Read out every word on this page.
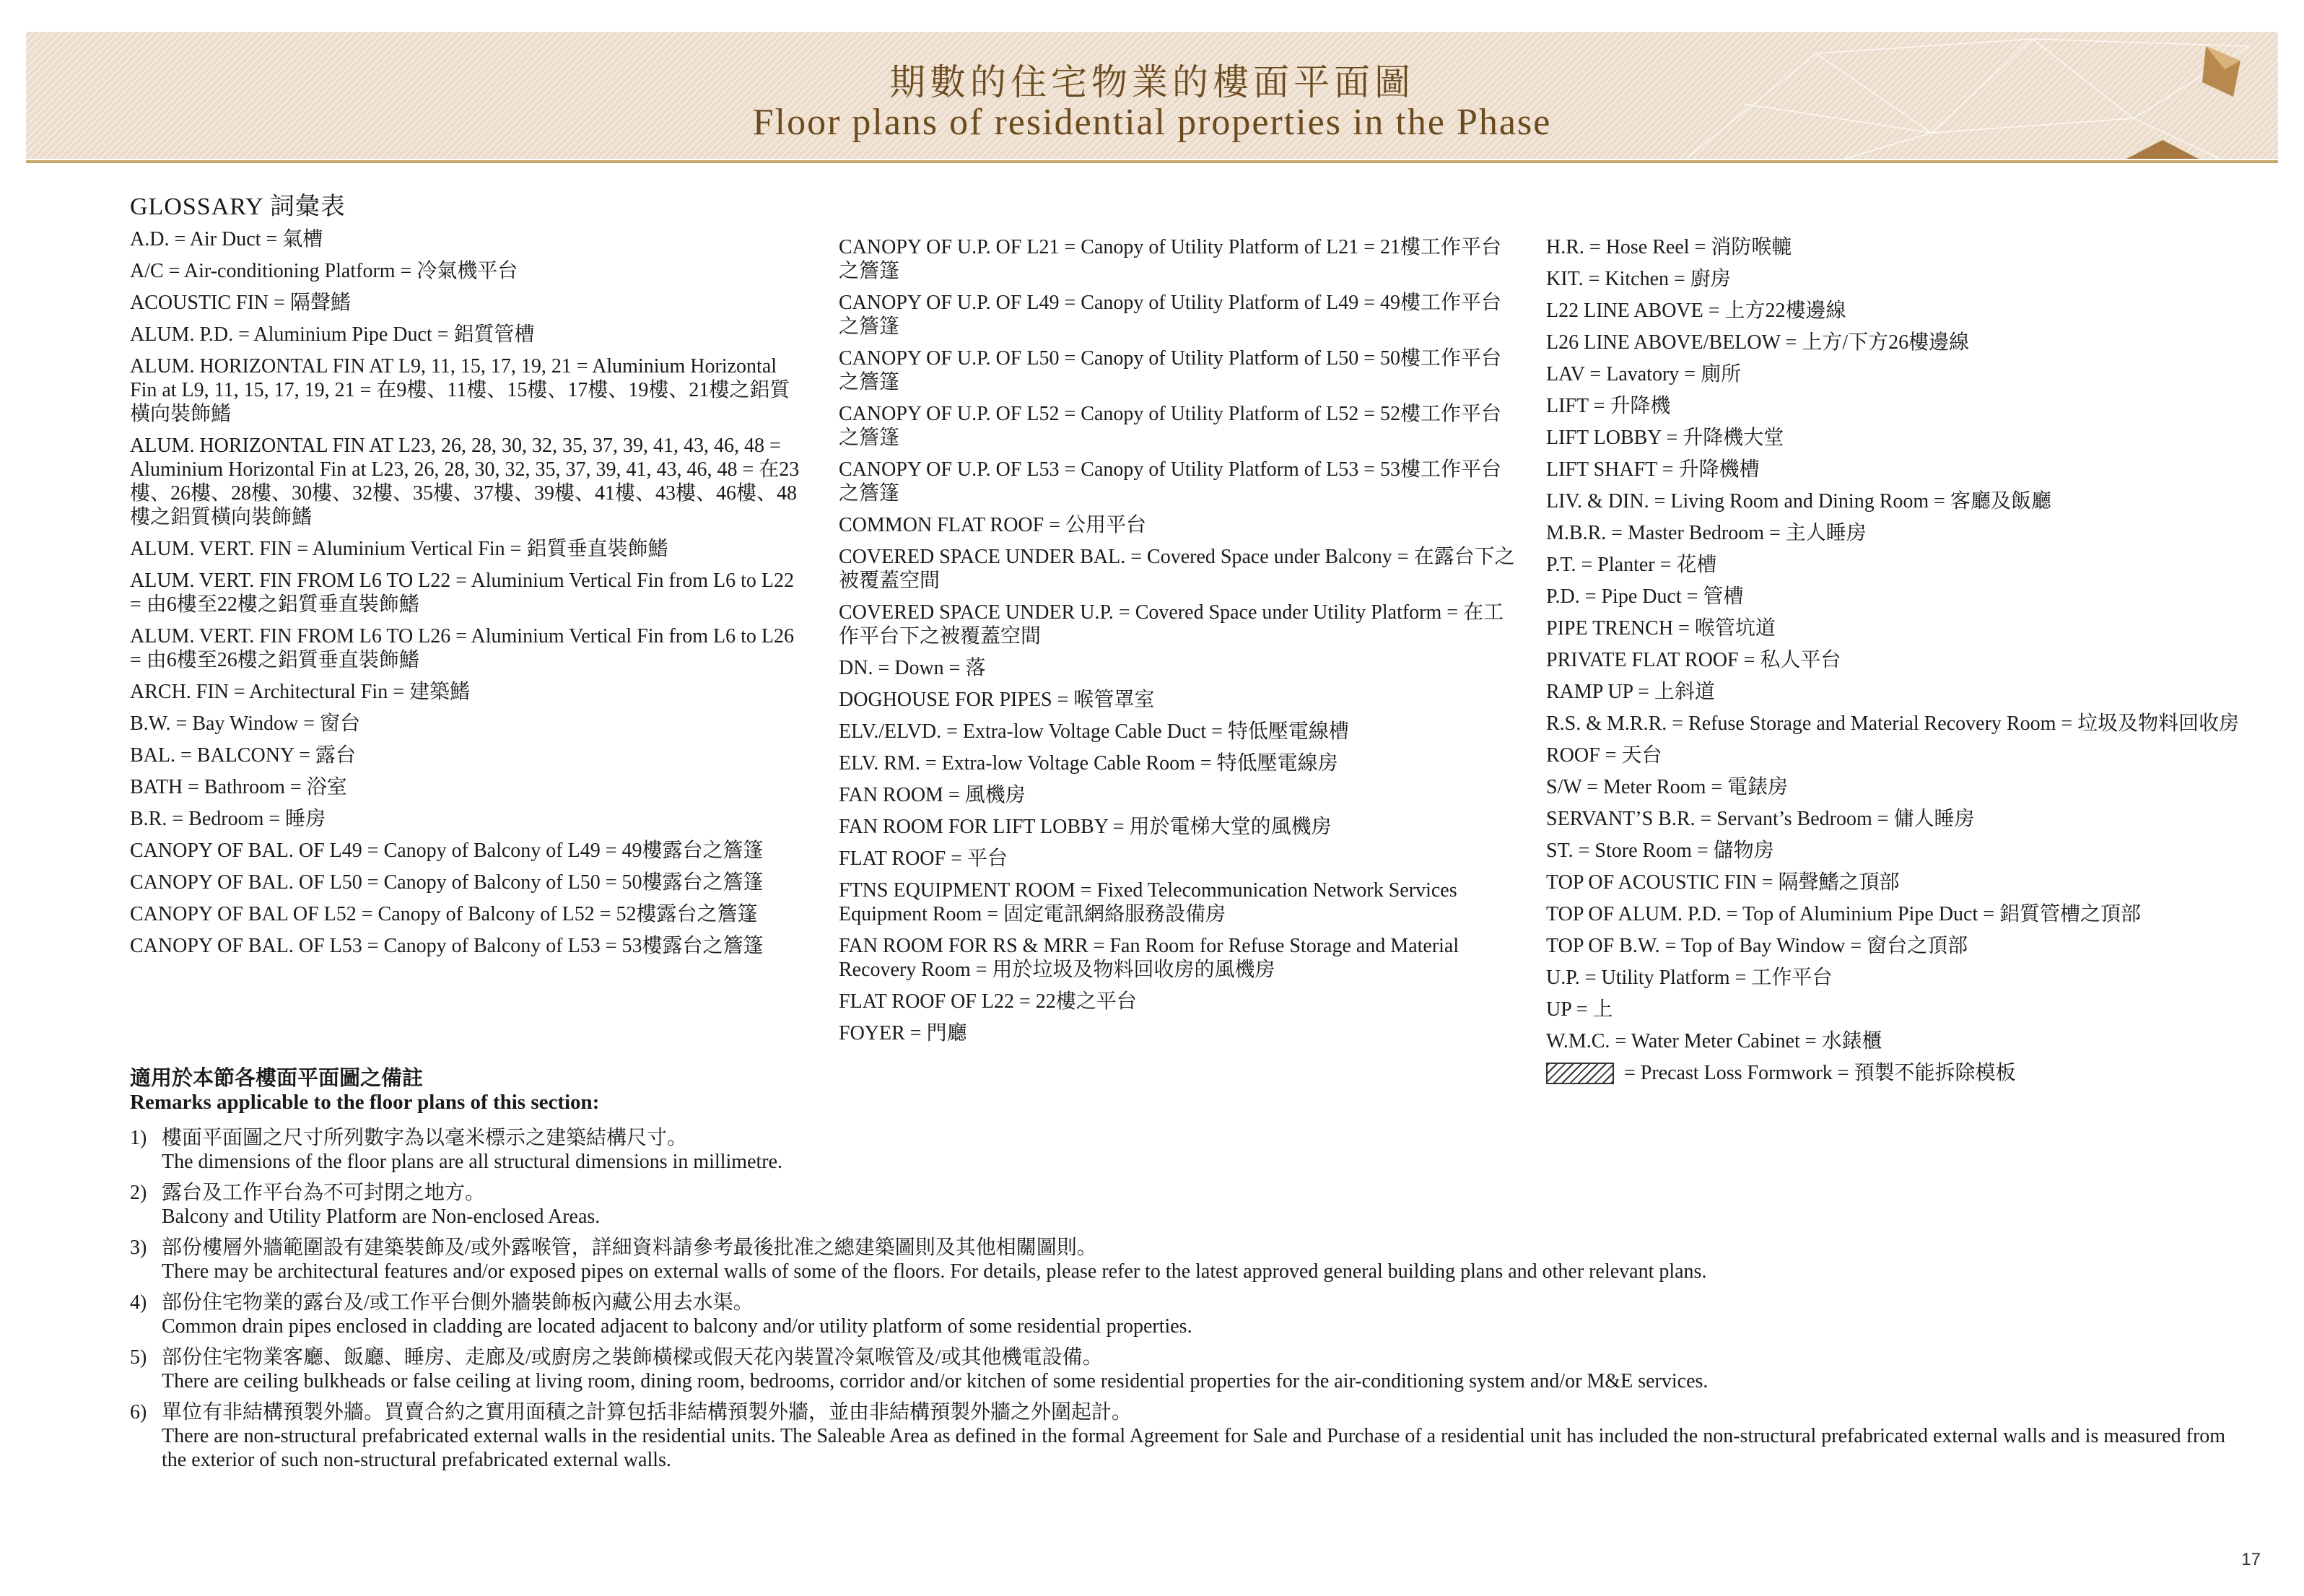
期數的住宅物業的樓面平面圖
Floor plans of residential properties in the Phase
GLOSSARY 詞彙表
A.D. = Air Duct = 氣槽
A/C = Air-conditioning Platform = 冷氣機平台
ACOUSTIC FIN = 隔聲鰭
ALUM. P.D. = Aluminium Pipe Duct = 鋁質管槽
ALUM. HORIZONTAL FIN AT L9, 11, 15, 17, 19, 21 = Aluminium Horizontal Fin at L9, 11, 15, 17, 19, 21 = 在9樓、11樓、15樓、17樓、19樓、21樓之鋁質橫向裝飾鰭
ALUM. HORIZONTAL FIN AT L23, 26, 28, 30, 32, 35, 37, 39, 41, 43, 46, 48 = Aluminium Horizontal Fin at L23, 26, 28, 30, 32, 35, 37, 39, 41, 43, 46, 48 = 在23樓、26樓、28樓、30樓、32樓、35樓、37樓、39樓、41樓、43樓、46樓、48樓之鋁質橫向裝飾鰭
ALUM. VERT. FIN = Aluminium Vertical Fin = 鋁質垂直裝飾鰭
ALUM. VERT. FIN FROM L6 TO L22 = Aluminium Vertical Fin from L6 to L22 = 由6樓至22樓之鋁質垂直裝飾鰭
ALUM. VERT. FIN FROM L6 TO L26 = Aluminium Vertical Fin from L6 to L26 = 由6樓至26樓之鋁質垂直裝飾鰭
ARCH. FIN = Architectural Fin = 建築鰭
B.W. = Bay Window = 窗台
BAL. = BALCONY = 露台
BATH = Bathroom = 浴室
B.R. = Bedroom = 睡房
CANOPY OF BAL. OF L49 = Canopy of Balcony of L49 = 49樓露台之簷篷
CANOPY OF BAL. OF L50 = Canopy of Balcony of L50 = 50樓露台之簷篷
CANOPY OF BAL OF L52 = Canopy of Balcony of L52 = 52樓露台之簷篷
CANOPY OF BAL. OF L53 = Canopy of Balcony of L53 = 53樓露台之簷篷
CANOPY OF U.P. OF L21 = Canopy of Utility Platform of L21 = 21樓工作平台之簷篷
CANOPY OF U.P. OF L49 = Canopy of Utility Platform of L49 = 49樓工作平台之簷篷
CANOPY OF U.P. OF L50 = Canopy of Utility Platform of L50 = 50樓工作平台之簷篷
CANOPY OF U.P. OF L52 = Canopy of Utility Platform of L52 = 52樓工作平台之簷篷
CANOPY OF U.P. OF L53 = Canopy of Utility Platform of L53 = 53樓工作平台之簷篷
COMMON FLAT ROOF = 公用平台
COVERED SPACE UNDER BAL. = Covered Space under Balcony = 在露台下之被覆蓋空間
COVERED SPACE UNDER U.P. = Covered Space under Utility Platform = 在工作平台下之被覆蓋空間
DN. = Down = 落
DOGHOUSE FOR PIPES = 喉管罩室
ELV./ELVD. = Extra-low Voltage Cable Duct = 特低壓電線槽
ELV. RM. = Extra-low Voltage Cable Room = 特低壓電線房
FAN ROOM = 風機房
FAN ROOM FOR LIFT LOBBY = 用於電梯大堂的風機房
FLAT ROOF = 平台
FTNS EQUIPMENT ROOM = Fixed Telecommunication Network Services Equipment Room = 固定電訊網絡服務設備房
FAN ROOM FOR RS & MRR = Fan Room for Refuse Storage and Material Recovery Room = 用於垃圾及物料回收房的風機房
FLAT ROOF OF L22 = 22樓之平台
FOYER = 門廳
H.R. = Hose Reel = 消防喉轆
KIT. = Kitchen = 廚房
L22 LINE ABOVE = 上方22樓邊線
L26 LINE ABOVE/BELOW = 上方/下方26樓邊線
LAV = Lavatory = 廁所
LIFT = 升降機
LIFT LOBBY = 升降機大堂
LIFT SHAFT = 升降機槽
LIV. & DIN. = Living Room and Dining Room = 客廳及飯廳
M.B.R. = Master Bedroom = 主人睡房
P.T. = Planter = 花槽
P.D. = Pipe Duct = 管槽
PIPE TRENCH = 喉管坑道
PRIVATE FLAT ROOF = 私人平台
RAMP UP = 上斜道
R.S. & M.R.R. = Refuse Storage and Material Recovery Room = 垃圾及物料回收房
ROOF = 天台
S/W = Meter Room = 電錶房
SERVANT’S B.R. = Servant’s Bedroom = 傭人睡房
ST. = Store Room = 儲物房
TOP OF ACOUSTIC FIN = 隔聲鰭之頂部
TOP OF ALUM. P.D. = Top of Aluminium Pipe Duct = 鋁質管槽之頂部
TOP OF B.W. = Top of Bay Window = 窗台之頂部
U.P. = Utility Platform = 工作平台
UP = 上
W.M.C. = Water Meter Cabinet = 水錶櫃
= Precast Loss Formwork = 預製不能拆除模板
適用於本節各樓面平面圖之備註
Remarks applicable to the floor plans of this section:
1) 樓面平面圖之尺寸所列數字為以毫米標示之建築結構尺寸。
The dimensions of the floor plans are all structural dimensions in millimetre.
2) 露台及工作平台為不可封閉之地方。
Balcony and Utility Platform are Non-enclosed Areas.
3) 部份樓層外牆範圍設有建築裝飾及/或外露喉管，詳細資料請參考最後批准之總建築圖則及其他相關圖則。
There may be architectural features and/or exposed pipes on external walls of some of the floors. For details, please refer to the latest approved general building plans and other relevant plans.
4) 部份住宅物業的露台及/或工作平台側外牆裝飾板內藏公用去水渠。
Common drain pipes enclosed in cladding are located adjacent to balcony and/or utility platform of some residential properties.
5) 部份住宅物業客廳、飯廳、睡房、走廊及/或廚房之裝飾橫樑或假天花內裝置冷氣喉管及/或其他機電設備。
There are ceiling bulkheads or false ceiling at living room, dining room, bedrooms, corridor and/or kitchen of some residential properties for the air-conditioning system and/or M&E services.
6) 單位有非結構預製外牆。買賣合約之實用面積之計算包括非結構預製外牆，並由非結構預製外牆之外圍起計。
There are non-structural prefabricated external walls in the residential units. The Saleable Area as defined in the formal Agreement for Sale and Purchase of a residential unit has included the non-structural prefabricated external walls and is measured from the exterior of such non-structural prefabricated external walls.
17
